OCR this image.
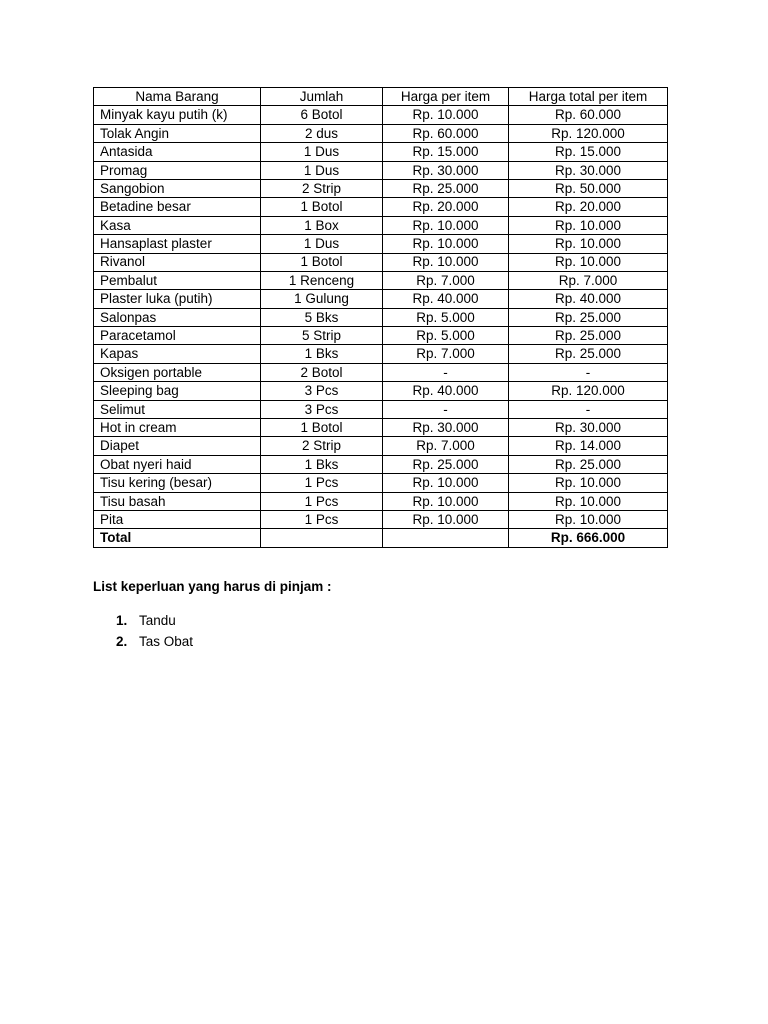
Nama Barang	Jumlah	Harga per item	Harga total per item
Minyak kayu putih (k)	6 Botol	Rp. 10.000	Rp. 60.000
Tolak Angin	2 dus	Rp. 60.000	Rp. 120.000
Antasida	1 Dus	Rp. 15.000	Rp. 15.000
Promag	1 Dus	Rp. 30.000	Rp. 30.000
Sangobion	2 Strip	Rp. 25.000	Rp. 50.000
Betadine besar	1 Botol	Rp. 20.000	Rp. 20.000
Kasa	1 Box	Rp. 10.000	Rp. 10.000
Hansaplast plaster	1 Dus	Rp. 10.000	Rp. 10.000
Rivanol	1 Botol	Rp. 10.000	Rp. 10.000
Pembalut	1 Renceng	Rp. 7.000	Rp. 7.000
Plaster luka (putih)	1 Gulung	Rp. 40.000	Rp. 40.000
Salonpas	5 Bks	Rp. 5.000	Rp. 25.000
Paracetamol	5 Strip	Rp. 5.000	Rp. 25.000
Kapas	1 Bks	Rp. 7.000	Rp. 25.000
Oksigen portable	2 Botol	-	-
Sleeping bag	3 Pcs	Rp. 40.000	Rp. 120.000
Selimut	3 Pcs	-	-
Hot in cream	1 Botol	Rp. 30.000	Rp. 30.000
Diapet	2 Strip	Rp. 7.000	Rp. 14.000
Obat nyeri haid	1 Bks	Rp. 25.000	Rp. 25.000
Tisu kering (besar)	1 Pcs	Rp. 10.000	Rp. 10.000
Tisu basah	1 Pcs	Rp. 10.000	Rp. 10.000
Pita	1 Pcs	Rp. 10.000	Rp. 10.000
Total			Rp. 666.000

List keperluan yang harus di pinjam :

1. Tandu
2. Tas Obat
